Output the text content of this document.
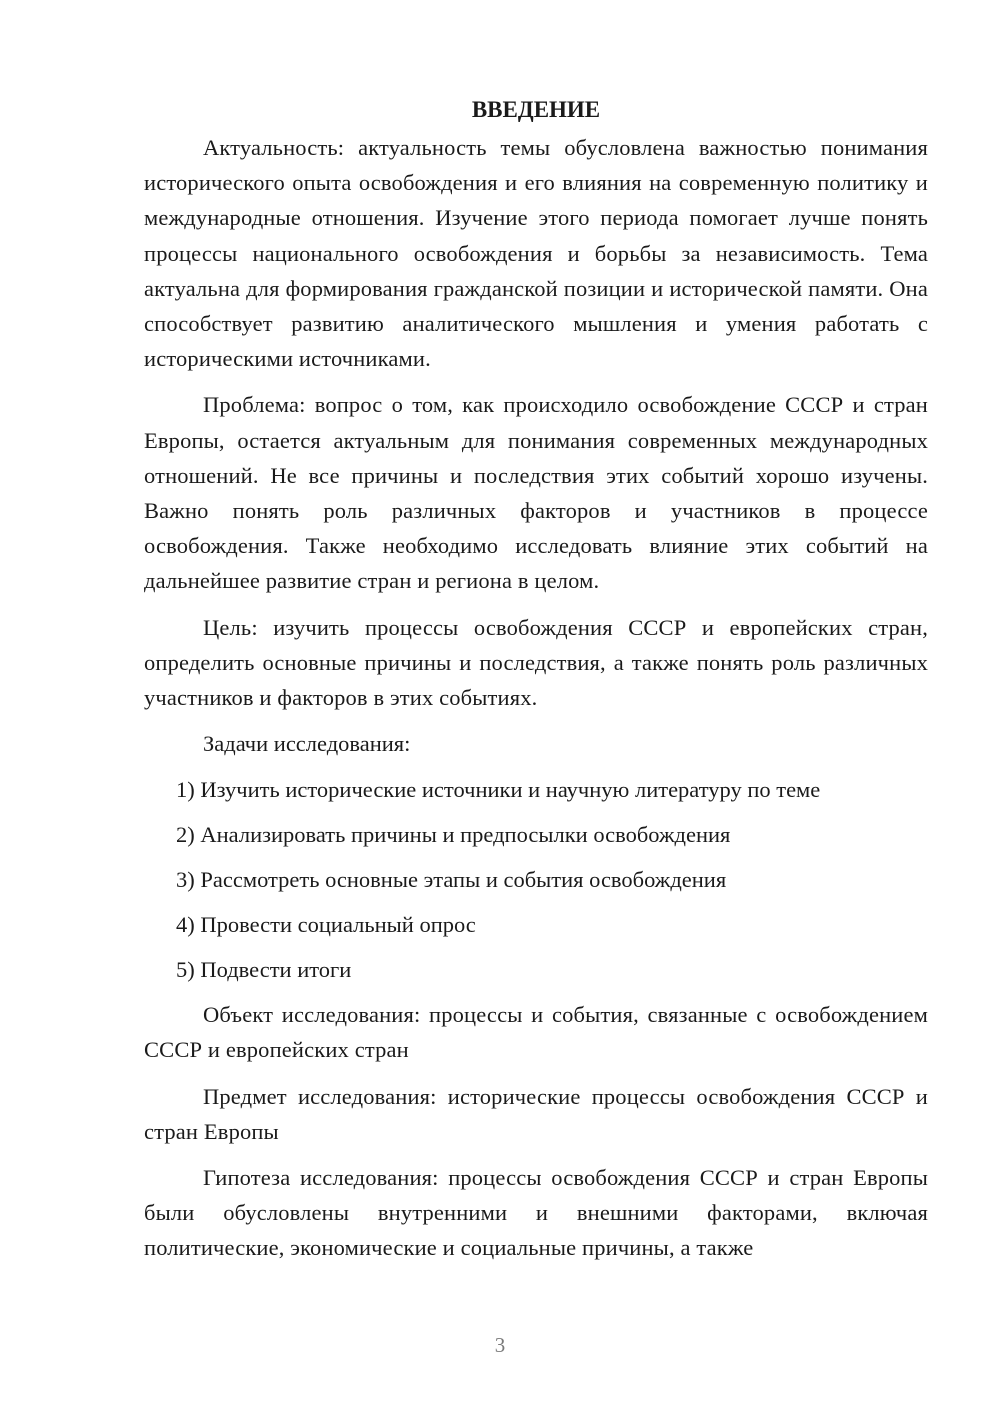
ВВЕДЕНИЕ

Актуальность: актуальность темы обусловлена важностью понимания исторического опыта освобождения и его влияния на современную политику и международные отношения. Изучение этого периода помогает лучше понять процессы национального освобождения и борьбы за независимость. Тема актуальна для формирования гражданской позиции и исторической памяти. Она способствует развитию аналитического мышления и умения работать с историческими источниками.

Проблема: вопрос о том, как происходило освобождение СССР и стран Европы, остается актуальным для понимания современных международных отношений. Не все причины и последствия этих событий хорошо изучены. Важно понять роль различных факторов и участников в процессе освобождения. Также необходимо исследовать влияние этих событий на дальнейшее развитие стран и региона в целом.

Цель: изучить процессы освобождения СССР и европейских стран, определить основные причины и последствия, а также понять роль различных участников и факторов в этих событиях.

Задачи исследования:

1) Изучить исторические источники и научную литературу по теме

2) Анализировать причины и предпосылки освобождения

3) Рассмотреть основные этапы и события освобождения

4) Провести социальный опрос

5) Подвести итоги

Объект исследования: процессы и события, связанные с освобождением СССР и европейских стран

Предмет исследования: исторические процессы освобождения СССР и стран Европы

Гипотеза исследования: процессы освобождения СССР и стран Европы были обусловлены внутренними и внешними факторами, включая политические, экономические и социальные причины, а также

3
